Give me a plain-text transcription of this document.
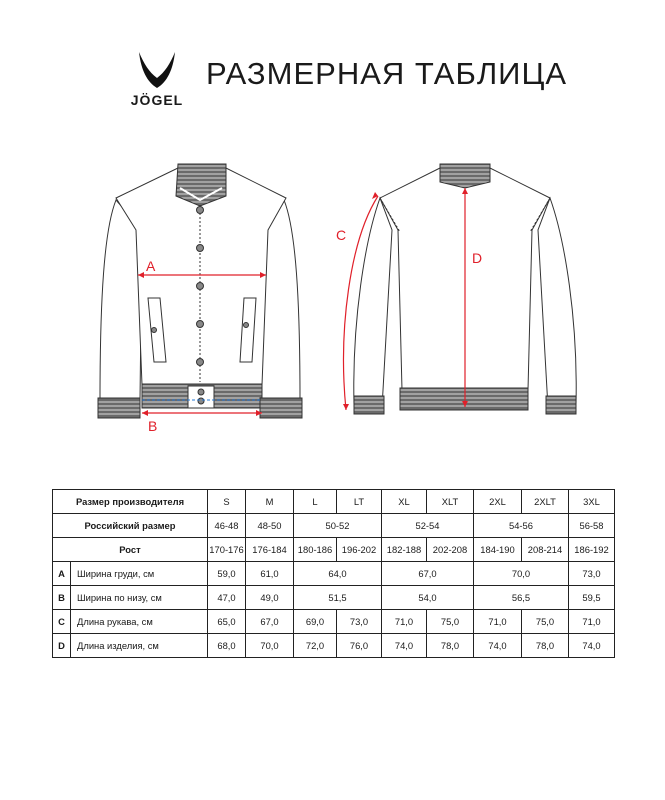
JÖGEL
РАЗМЕРНАЯ ТАБЛИЦА
A
B
C
D
Размер производителя		S	M	L	LT	XL	XLT	2XL	2XLT	3XL
Российский размер		46-48	48-50	50-52		52-54		54-56		56-58
Рост		170-176	176-184	180-186	196-202	182-188	202-208	184-190	208-214	186-192
A	Ширина груди, см	59,0	61,0	64,0		67,0		70,0		73,0
B	Ширина по низу, см	47,0	49,0	51,5		54,0		56,5		59,5
C	Длина рукава, см	65,0	67,0	69,0	73,0	71,0	75,0	71,0	75,0	71,0
D	Длина изделия, см	68,0	70,0	72,0	76,0	74,0	78,0	74,0	78,0	74,0
